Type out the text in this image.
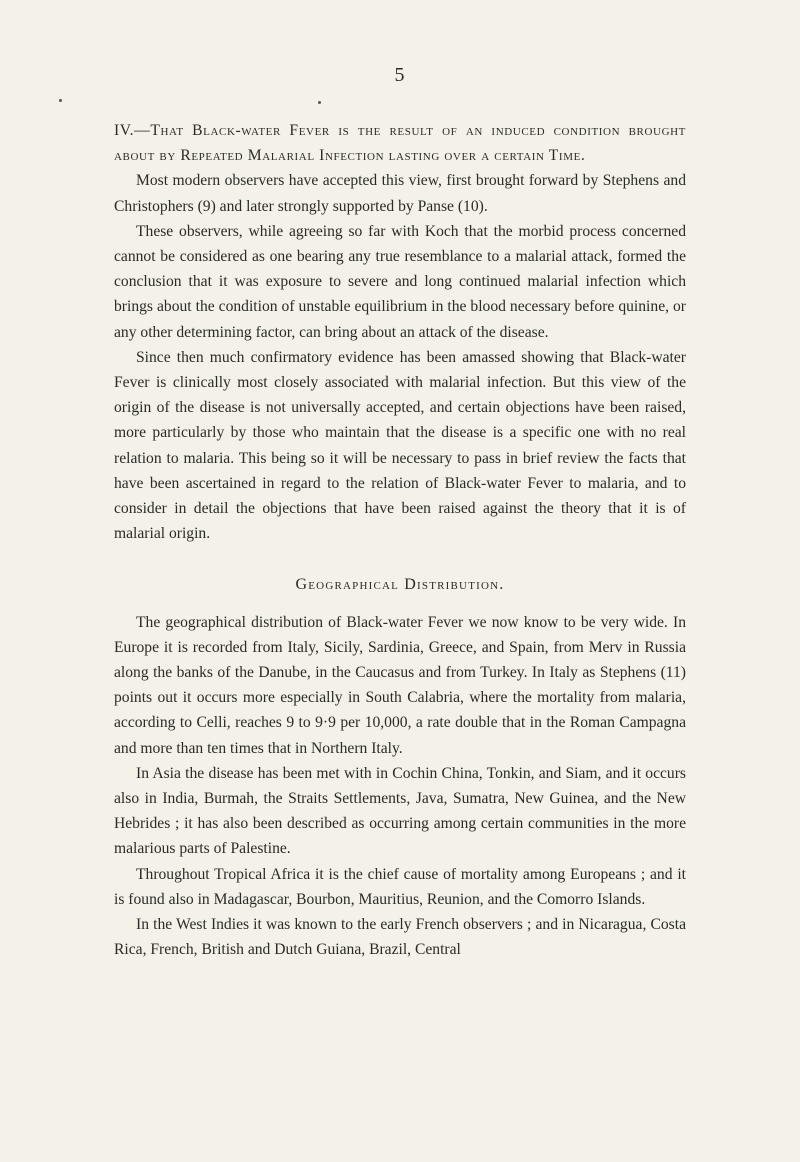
5
IV.—That Black-water Fever is the result of an induced condition brought about by Repeated Malarial Infection lasting over a certain Time.

Most modern observers have accepted this view, first brought forward by Stephens and Christophers (9) and later strongly supported by Panse (10).

These observers, while agreeing so far with Koch that the morbid process concerned cannot be considered as one bearing any true resemblance to a malarial attack, formed the conclusion that it was exposure to severe and long continued malarial infection which brings about the condition of unstable equilibrium in the blood necessary before quinine, or any other determining factor, can bring about an attack of the disease.

Since then much confirmatory evidence has been amassed showing that Black-water Fever is clinically most closely associated with malarial infection. But this view of the origin of the disease is not universally accepted, and certain objections have been raised, more particularly by those who maintain that the disease is a specific one with no real relation to malaria. This being so it will be necessary to pass in brief review the facts that have been ascertained in regard to the relation of Black-water Fever to malaria, and to consider in detail the objections that have been raised against the theory that it is of malarial origin.

Geographical Distribution.

The geographical distribution of Black-water Fever we now know to be very wide. In Europe it is recorded from Italy, Sicily, Sardinia, Greece, and Spain, from Merv in Russia along the banks of the Danube, in the Caucasus and from Turkey. In Italy as Stephens (11) points out it occurs more especially in South Calabria, where the mortality from malaria, according to Celli, reaches 9 to 9·9 per 10,000, a rate double that in the Roman Campagna and more than ten times that in Northern Italy.

In Asia the disease has been met with in Cochin China, Tonkin, and Siam, and it occurs also in India, Burmah, the Straits Settlements, Java, Sumatra, New Guinea, and the New Hebrides ; it has also been described as occurring among certain communities in the more malarious parts of Palestine.

Throughout Tropical Africa it is the chief cause of mortality among Europeans ; and it is found also in Madagascar, Bourbon, Mauritius, Reunion, and the Comorro Islands.

In the West Indies it was known to the early French observers ; and in Nicaragua, Costa Rica, French, British and Dutch Guiana, Brazil, Central
